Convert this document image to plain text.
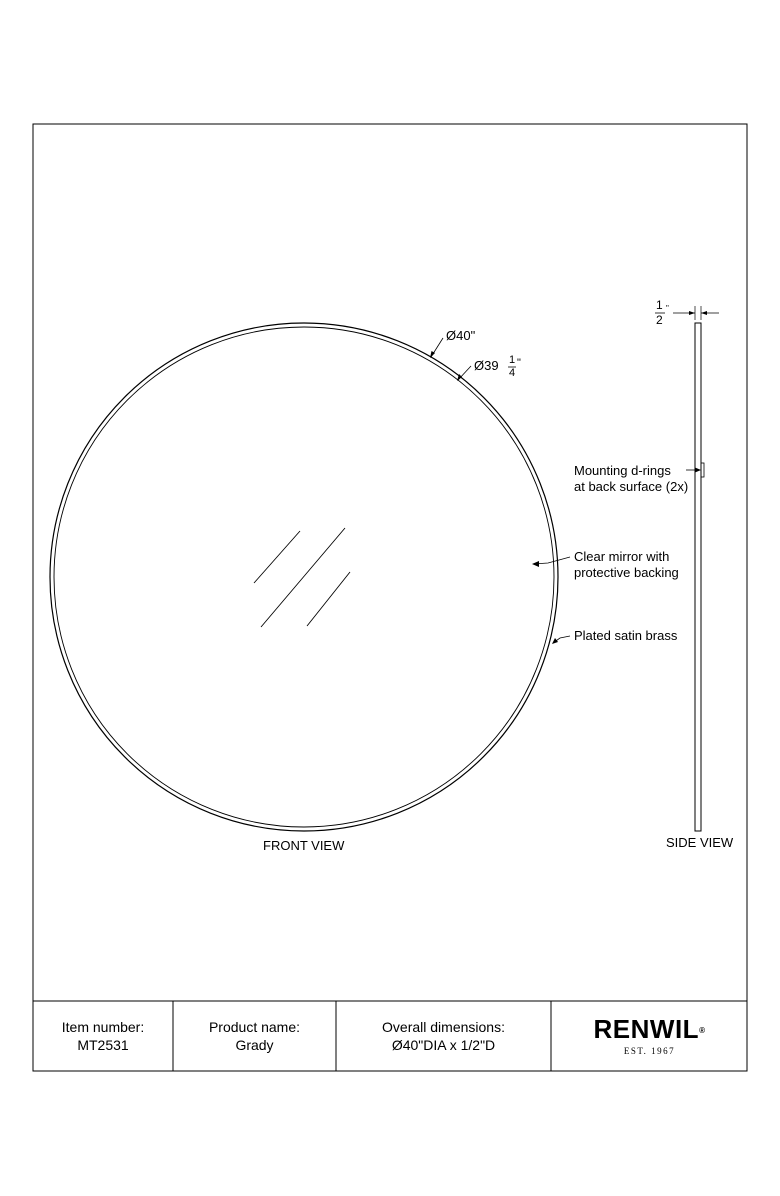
Ø40"
Ø39 1
4
"
1
2
"
Mounting d-rings
at back surface (2x)
Clear mirror with
protective backing
Plated satin brass
FRONT VIEW	SIDE VIEW
Item number:
MT2531
Product name:
Grady
Overall dimensions:
Ø40"DIA x 1/2"D
RENWIL®
EST. 1967
